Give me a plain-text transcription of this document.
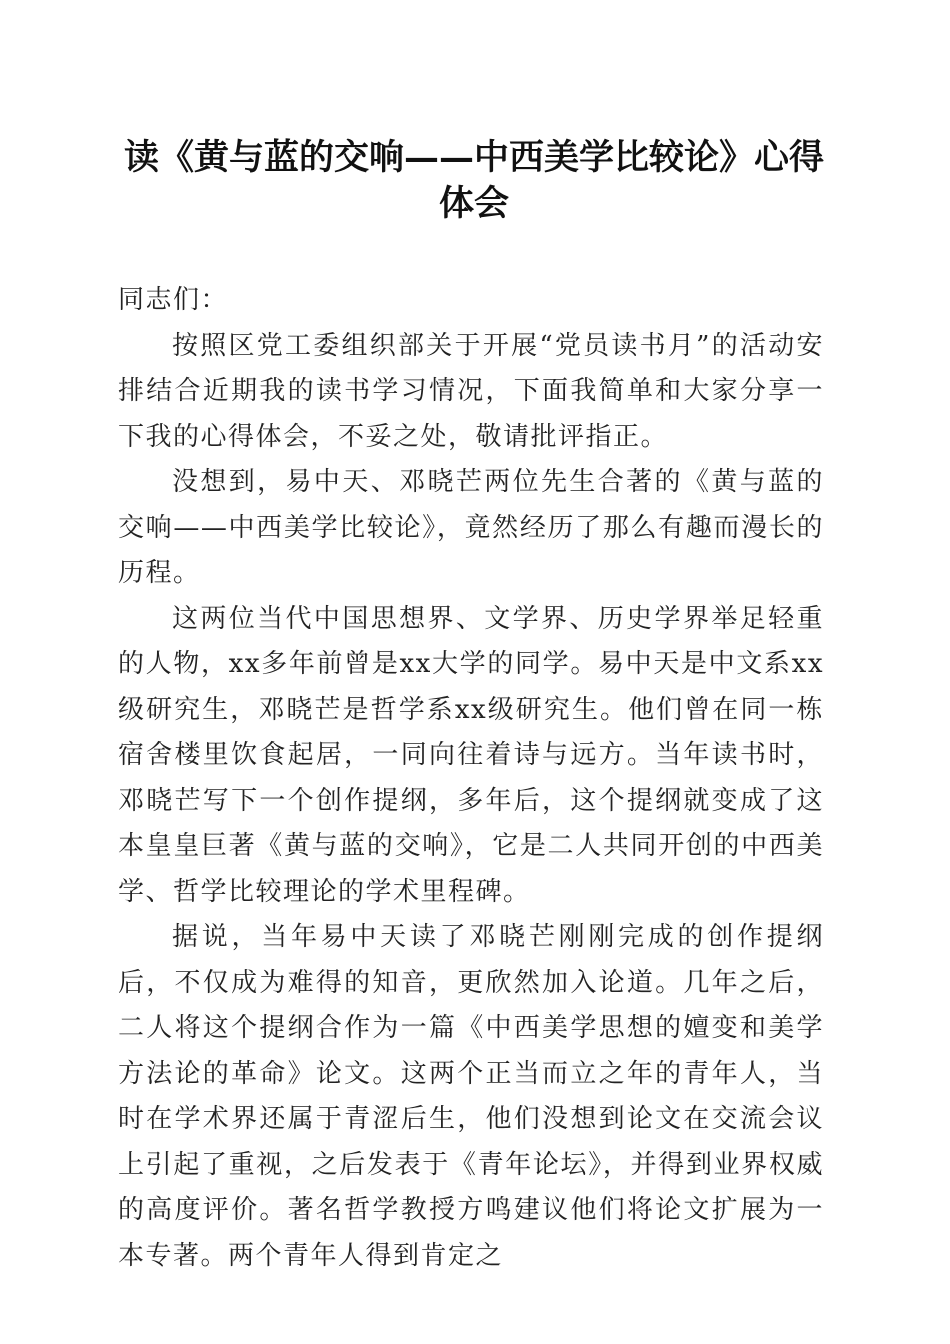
读《黄与蓝的交响——中西美学比较论》心得
体会

同志们：

按照区党工委组织部关于开展“党员读书月”的活动安排结合近期我的读书学习情况，下面我简单和大家分享一下我的心得体会，不妥之处，敬请批评指正。

没想到，易中天、邓晓芒两位先生合著的《黄与蓝的交响——中西美学比较论》，竟然经历了那么有趣而漫长的历程。

这两位当代中国思想界、文学界、历史学界举足轻重的人物，xx多年前曾是xx大学的同学。易中天是中文系xx级研究生，邓晓芒是哲学系xx级研究生。他们曾在同一栋宿舍楼里饮食起居，一同向往着诗与远方。当年读书时，邓晓芒写下一个创作提纲，多年后，这个提纲就变成了这本皇皇巨著《黄与蓝的交响》，它是二人共同开创的中西美学、哲学比较理论的学术里程碑。

据说，当年易中天读了邓晓芒刚刚完成的创作提纲后，不仅成为难得的知音，更欣然加入论道。几年之后，二人将这个提纲合作为一篇《中西美学思想的嬗变和美学方法论的革命》论文。这两个正当而立之年的青年人，当时在学术界还属于青涩后生，他们没想到论文在交流会议上引起了重视，之后发表于《青年论坛》，并得到业界权威的高度评价。著名哲学教授方鸣建议他们将论文扩展为一本专著。两个青年人得到肯定之
